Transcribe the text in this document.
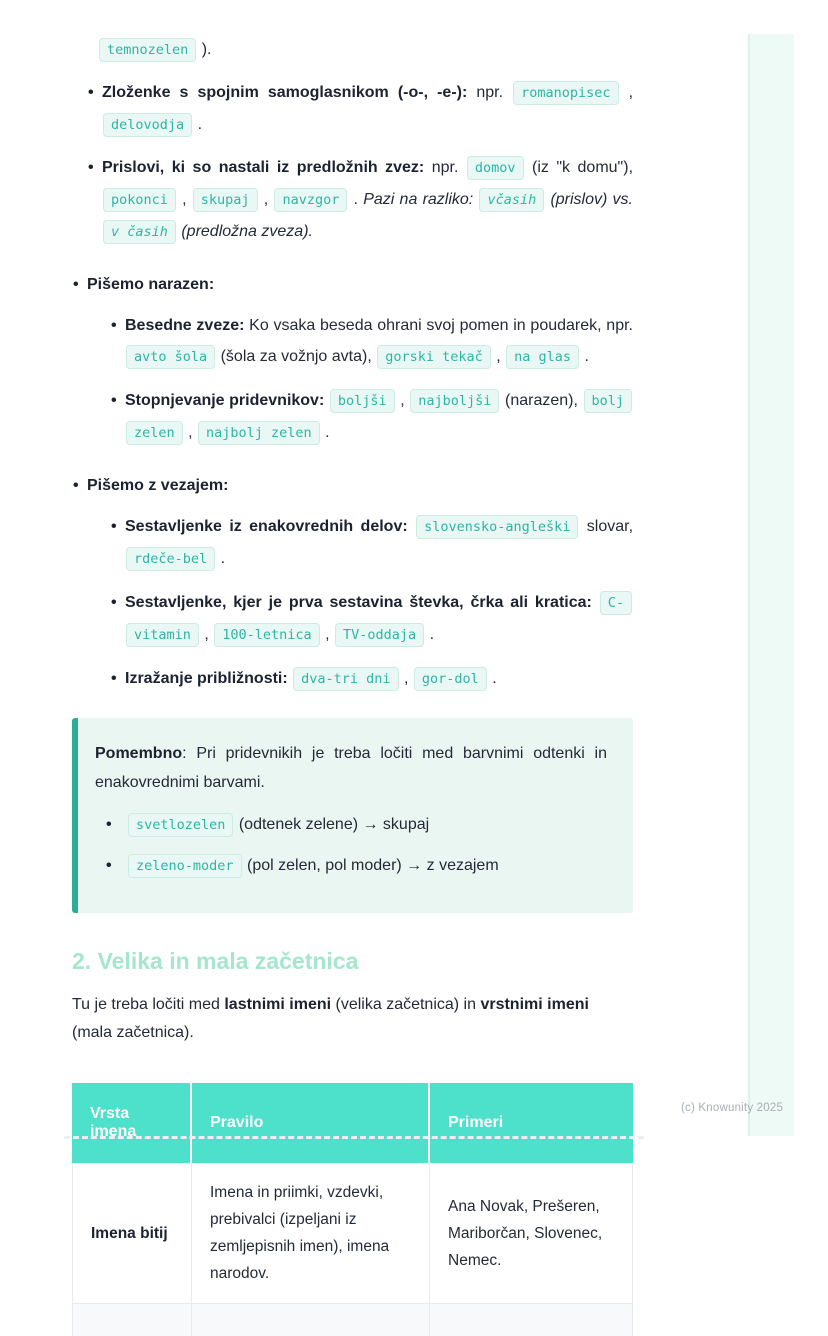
temnozelen ).
• Zloženke s spojnim samoglasnikom (-o-, -e-): npr. romanopisec , delovodja .
• Prislovi, ki so nastali iz predložnih zvez: npr. domov (iz "k domu"), pokonci , skupaj , navzgor . Pazi na razliko: včasih (prislov) vs. v časih (predložna zveza).
• Pišemo narazen:
• Besedne zveze: Ko vsaka beseda ohrani svoj pomen in poudarek, npr. avto šola (šola za vožnjo avta), gorski tekač , na glas .
• Stopnjevanje pridevnikov: boljši , najboljši (narazen), bolj zelen , najbolj zelen .
• Pišemo z vezajem:
• Sestavljenke iz enakovrednih delov: slovensko-angleški slovar, rdeče-bel .
• Sestavljenke, kjer je prva sestavina števka, črka ali kratica: C-vitamin , 100-letnica , TV-oddaja .
• Izražanje približnosti: dva-tri dni , gor-dol .

Pomembno: Pri pridevnikih je treba ločiti med barvnimi odtenki in enakovrednimi barvami.

• svetlozelen (odtenek zelene) → skupaj
• zeleno-moder (pol zelen, pol moder) → z vezajem
2. Velika in mala začetnica

Tu je treba ločiti med lastnimi imeni (velika začetnica) in vrstnimi imeni (mala začetnica).

Vrsta imena	Pravilo	Primeri
Imena bitij	Imena in priimki, vzdevki, prebivalci (izpeljani iz zemljepisnih imen), imena narodov.	Ana Novak, Prešeren, Mariborčan, Slovenec, Nemec.

(c) Knowunity 2025
